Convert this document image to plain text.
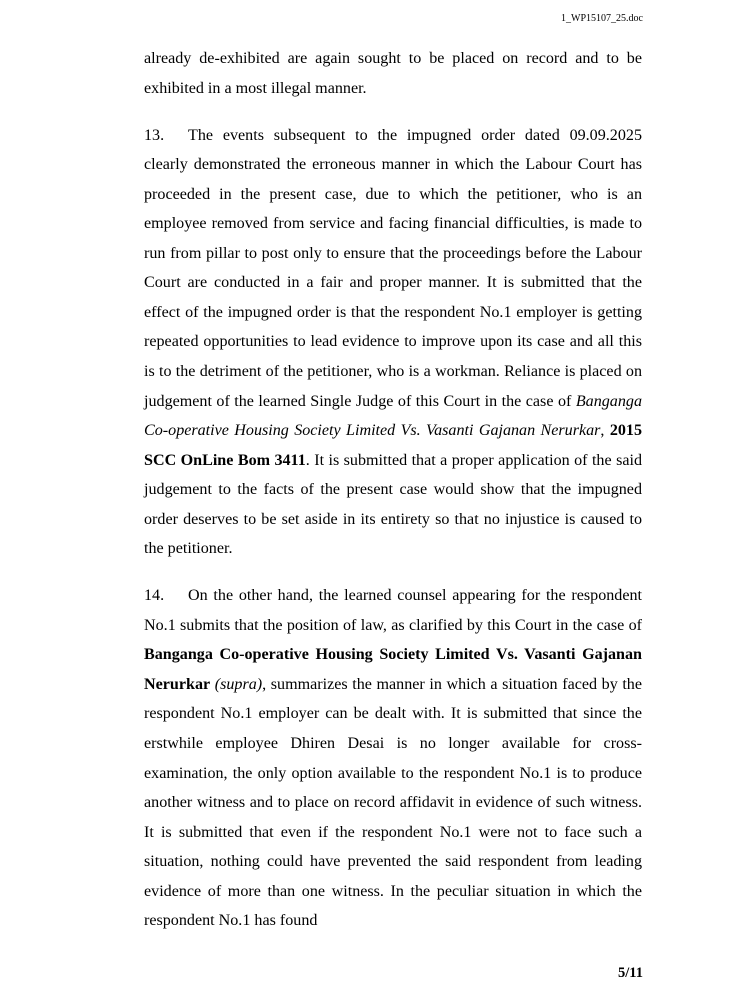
1_WP15107_25.doc

already de-exhibited are again sought to be placed on record and to be exhibited in a most illegal manner.

13. The events subsequent to the impugned order dated 09.09.2025 clearly demonstrated the erroneous manner in which the Labour Court has proceeded in the present case, due to which the petitioner, who is an employee removed from service and facing financial difficulties, is made to run from pillar to post only to ensure that the proceedings before the Labour Court are conducted in a fair and proper manner. It is submitted that the effect of the impugned order is that the respondent No.1 employer is getting repeated opportunities to lead evidence to improve upon its case and all this is to the detriment of the petitioner, who is a workman. Reliance is placed on judgement of the learned Single Judge of this Court in the case of Banganga Co-operative Housing Society Limited Vs. Vasanti Gajanan Nerurkar, 2015 SCC OnLine Bom 3411. It is submitted that a proper application of the said judgement to the facts of the present case would show that the impugned order deserves to be set aside in its entirety so that no injustice is caused to the petitioner.

14. On the other hand, the learned counsel appearing for the respondent No.1 submits that the position of law, as clarified by this Court in the case of Banganga Co-operative Housing Society Limited Vs. Vasanti Gajanan Nerurkar (supra), summarizes the manner in which a situation faced by the respondent No.1 employer can be dealt with. It is submitted that since the erstwhile employee Dhiren Desai is no longer available for cross-examination, the only option available to the respondent No.1 is to produce another witness and to place on record affidavit in evidence of such witness. It is submitted that even if the respondent No.1 were not to face such a situation, nothing could have prevented the said respondent from leading evidence of more than one witness. In the peculiar situation in which the respondent No.1 has found

5/11
